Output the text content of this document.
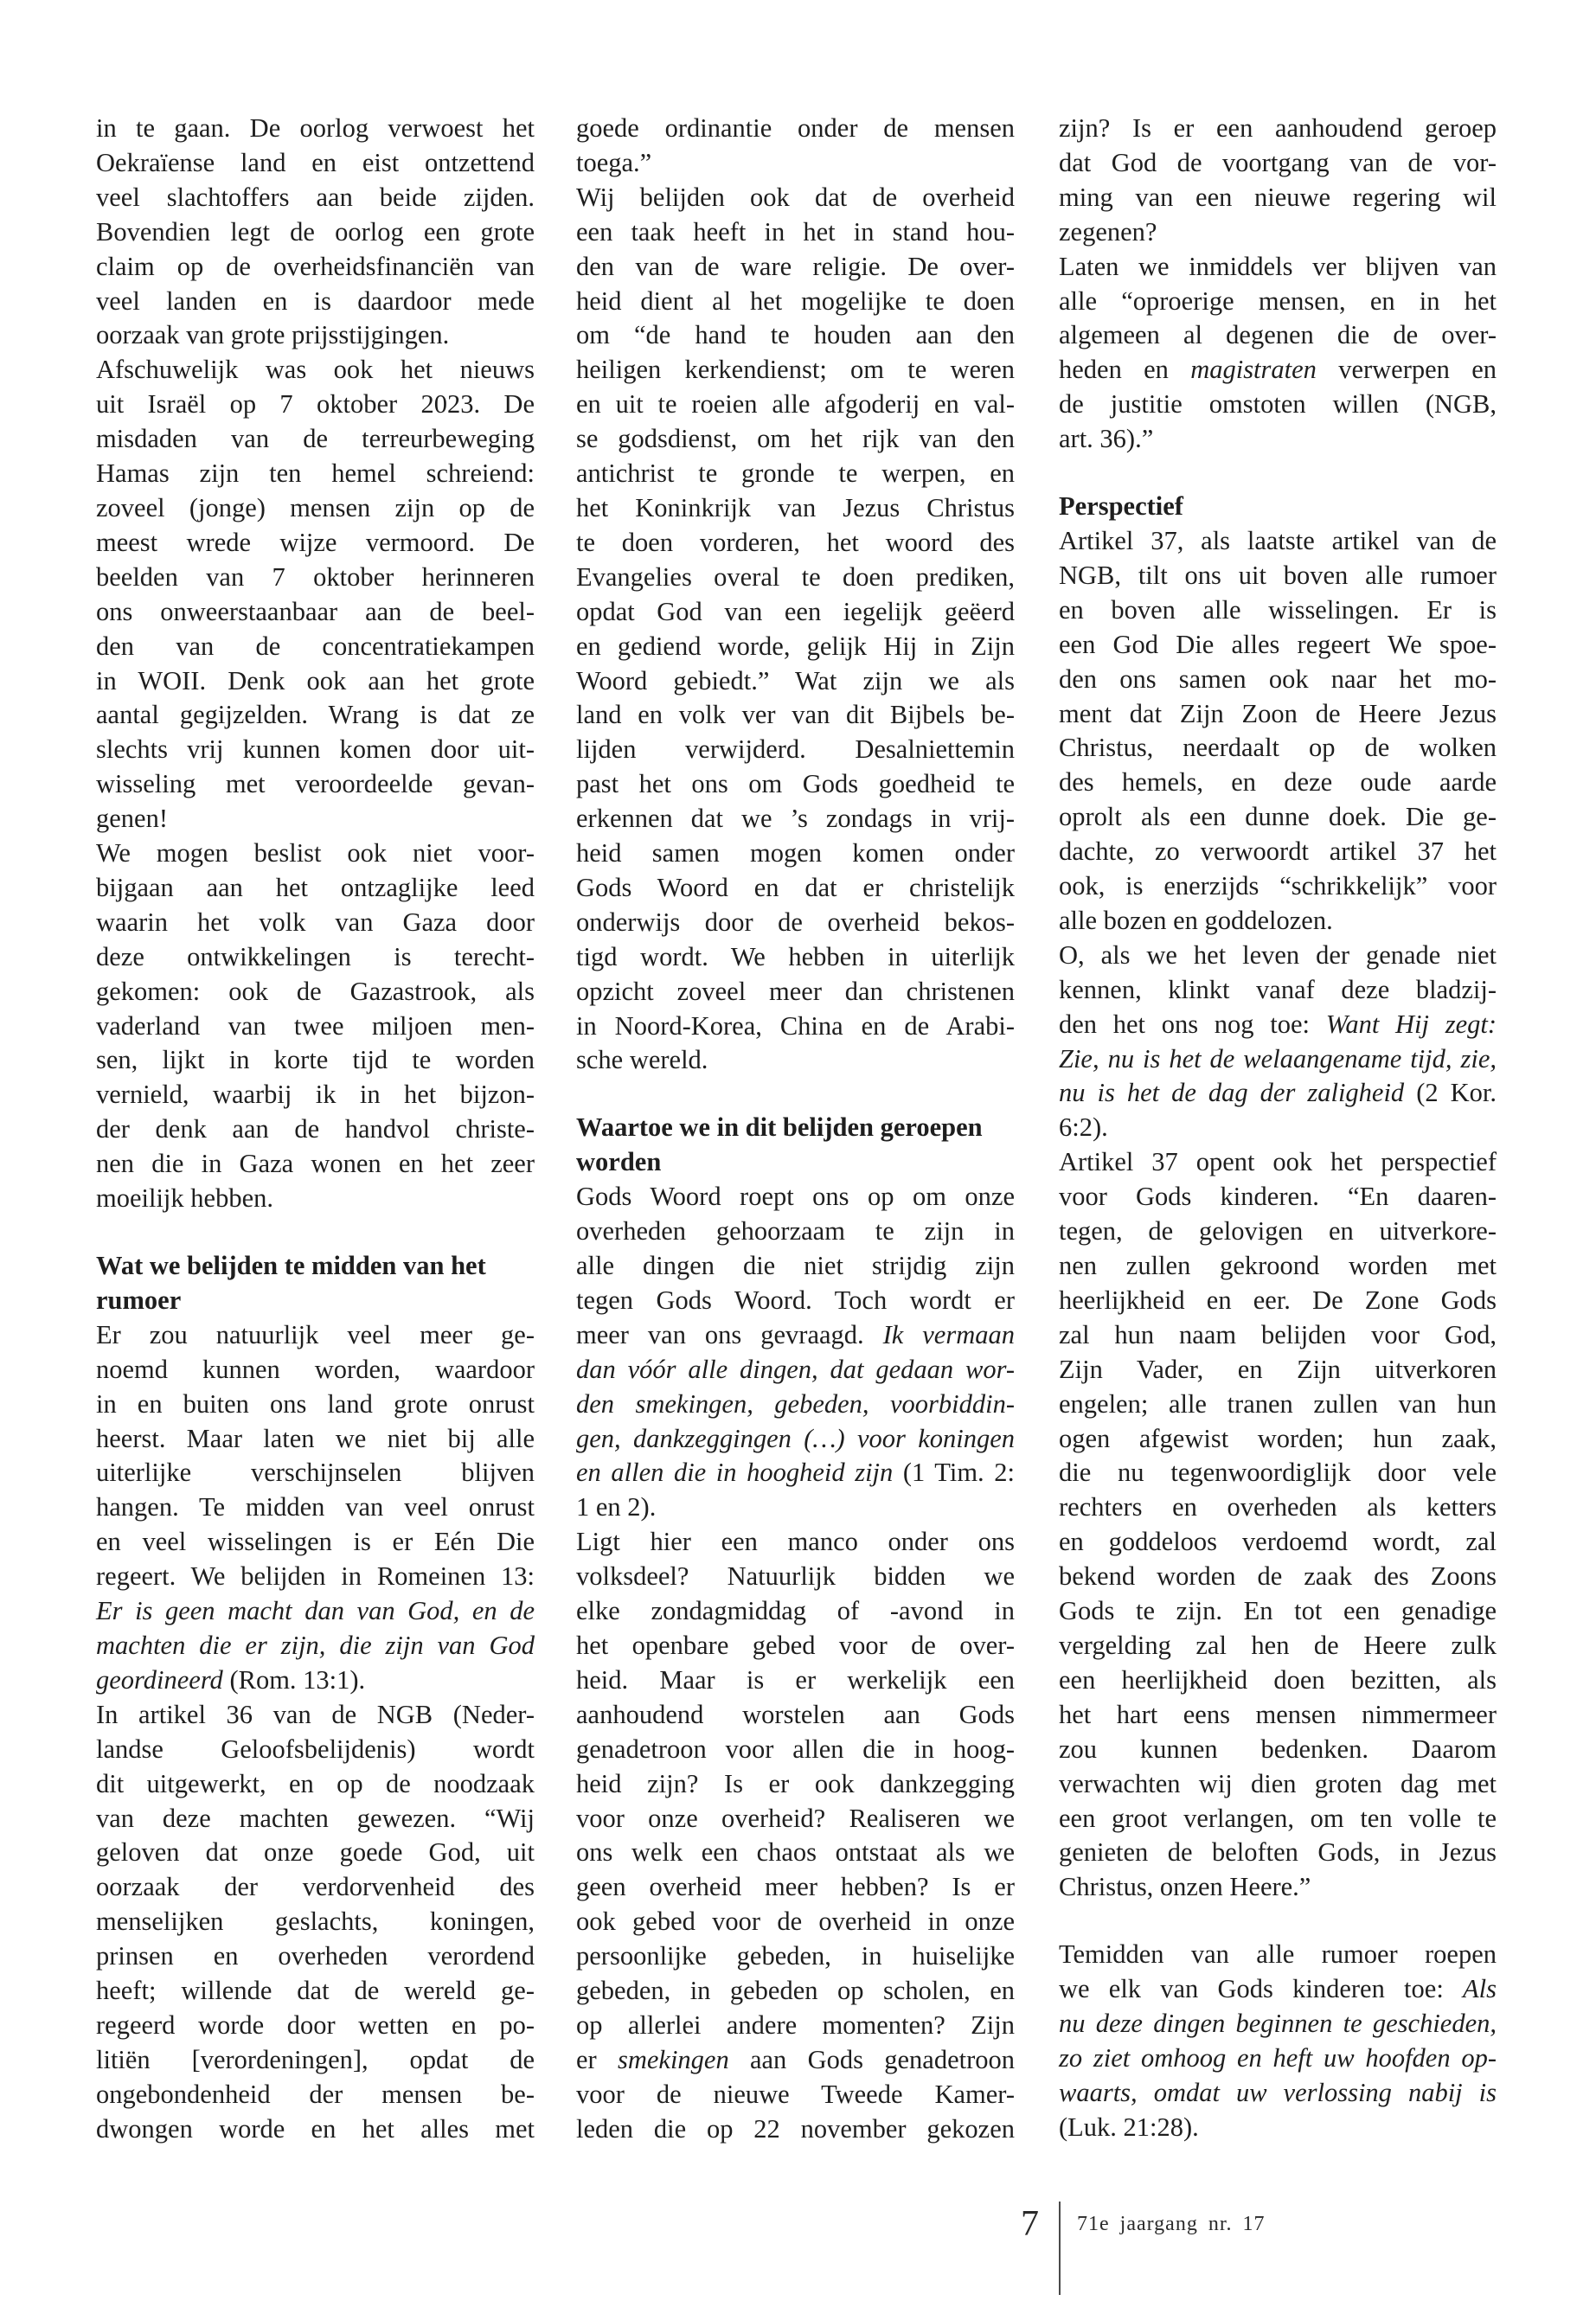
in te gaan. De oorlog verwoest het
Oekraïense land en eist ontzettend
veel slachtoffers aan beide zijden.
Bovendien legt de oorlog een grote
claim op de overheidsfinanciën van
veel landen en is daardoor mede
oorzaak van grote prijsstijgingen.

Afschuwelijk was ook het nieuws
uit Israël op 7 oktober 2023. De
misdaden van de terreurbeweging
Hamas zijn ten hemel schreiend:
zoveel (jonge) mensen zijn op de
meest wrede wijze vermoord. De
beelden van 7 oktober herinneren
ons onweerstaanbaar aan de beel-
den van de concentratiekampen
in WOII. Denk ook aan het grote
aantal gegijzelden. Wrang is dat ze
slechts vrij kunnen komen door uit-
wisseling met veroordeelde gevan-
genen!

We mogen beslist ook niet voor-
bijgaan aan het ontzaglijke leed
waarin het volk van Gaza door
deze ontwikkelingen is terecht-
gekomen: ook de Gazastrook, als
vaderland van twee miljoen men-
sen, lijkt in korte tijd te worden
vernield, waarbij ik in het bijzon-
der denk aan de handvol christe-
nen die in Gaza wonen en het zeer
moeilijk hebben.

Wat we belijden te midden van het
rumoer

Er zou natuurlijk veel meer ge-
noemd kunnen worden, waardoor
in en buiten ons land grote onrust
heerst. Maar laten we niet bij alle
uiterlijke verschijnselen blijven
hangen. Te midden van veel onrust
en veel wisselingen is er Eén Die
regeert. We belijden in Romeinen 13:
Er is geen macht dan van God, en de
machten die er zijn, die zijn van God
geordineerd (Rom. 13:1).

In artikel 36 van de NGB (Neder-
landse Geloofsbelijdenis) wordt
dit uitgewerkt, en op de noodzaak
van deze machten gewezen. “Wij
geloven dat onze goede God, uit
oorzaak der verdorvenheid des
menselijken geslachts, koningen,
prinsen en overheden verordend
heeft; willende dat de wereld ge-
regeerd worde door wetten en po-
litiën [verordeningen], opdat de
ongebondenheid der mensen be-
dwongen worde en het alles met

goede ordinantie onder de mensen
toega.”

Wij belijden ook dat de overheid
een taak heeft in het in stand hou-
den van de ware religie. De over-
heid dient al het mogelijke te doen
om “de hand te houden aan den
heiligen kerkendienst; om te weren
en uit te roeien alle afgoderij en val-
se godsdienst, om het rijk van den
antichrist te gronde te werpen, en
het Koninkrijk van Jezus Christus
te doen vorderen, het woord des
Evangelies overal te doen prediken,
opdat God van een iegelijk geëerd
en gediend worde, gelijk Hij in Zijn
Woord gebiedt.” Wat zijn we als
land en volk ver van dit Bijbels be-
lijden verwijderd. Desalniettemin
past het ons om Gods goedheid te
erkennen dat we ’s zondags in vrij-
heid samen mogen komen onder
Gods Woord en dat er christelijk
onderwijs door de overheid bekos-
tigd wordt. We hebben in uiterlijk
opzicht zoveel meer dan christenen
in Noord-Korea, China en de Arabi-
sche wereld.

Waartoe we in dit belijden geroepen
worden

Gods Woord roept ons op om onze
overheden gehoorzaam te zijn in
alle dingen die niet strijdig zijn
tegen Gods Woord. Toch wordt er
meer van ons gevraagd. Ik vermaan
dan vóór alle dingen, dat gedaan wor-
den smekingen, gebeden, voorbiddin-
gen, dankzeggingen (…) voor koningen
en allen die in hoogheid zijn (1 Tim. 2:
1 en 2).

Ligt hier een manco onder ons
volksdeel? Natuurlijk bidden we
elke zondagmiddag of -avond in
het openbare gebed voor de over-
heid. Maar is er werkelijk een
aanhoudend worstelen aan Gods
genadetroon voor allen die in hoog-
heid zijn? Is er ook dankzegging
voor onze overheid? Realiseren we
ons welk een chaos ontstaat als we
geen overheid meer hebben? Is er
ook gebed voor de overheid in onze
persoonlijke gebeden, in huiselijke
gebeden, in gebeden op scholen, en
op allerlei andere momenten? Zijn
er smekingen aan Gods genadetroon
voor de nieuwe Tweede Kamer-
leden die op 22 november gekozen

zijn? Is er een aanhoudend geroep
dat God de voortgang van de vor-
ming van een nieuwe regering wil
zegenen?

Laten we inmiddels ver blijven van
alle “oproerige mensen, en in het
algemeen al degenen die de over-
heden en magistraten verwerpen en
de justitie omstoten willen (NGB,
art. 36).”

Perspectief

Artikel 37, als laatste artikel van de
NGB, tilt ons uit boven alle rumoer
en boven alle wisselingen. Er is
een God Die alles regeert We spoe-
den ons samen ook naar het mo-
ment dat Zijn Zoon de Heere Jezus
Christus, neerdaalt op de wolken
des hemels, en deze oude aarde
oprolt als een dunne doek. Die ge-
dachte, zo verwoordt artikel 37 het
ook, is enerzijds “schrikkelijk” voor
alle bozen en goddelozen.

O, als we het leven der genade niet
kennen, klinkt vanaf deze bladzij-
den het ons nog toe: Want Hij zegt:
Zie, nu is het de welaangename tijd, zie,
nu is het de dag der zaligheid (2 Kor.
6:2).

Artikel 37 opent ook het perspectief
voor Gods kinderen. “En daaren-
tegen, de gelovigen en uitverkore-
nen zullen gekroond worden met
heerlijkheid en eer. De Zone Gods
zal hun naam belijden voor God,
Zijn Vader, en Zijn uitverkoren
engelen; alle tranen zullen van hun
ogen afgewist worden; hun zaak,
die nu tegenwoordiglijk door vele
rechters en overheden als ketters
en goddeloos verdoemd wordt, zal
bekend worden de zaak des Zoons
Gods te zijn. En tot een genadige
vergelding zal hen de Heere zulk
een heerlijkheid doen bezitten, als
het hart eens mensen nimmermeer
zou kunnen bedenken. Daarom
verwachten wij dien groten dag met
een groot verlangen, om ten volle te
genieten de beloften Gods, in Jezus
Christus, onzen Heere.”

Temidden van alle rumoer roepen
we elk van Gods kinderen toe: Als
nu deze dingen beginnen te geschieden,
zo ziet omhoog en heft uw hoofden op-
waarts, omdat uw verlossing nabij is
(Luk. 21:28).

7 71e jaargang nr. 17
